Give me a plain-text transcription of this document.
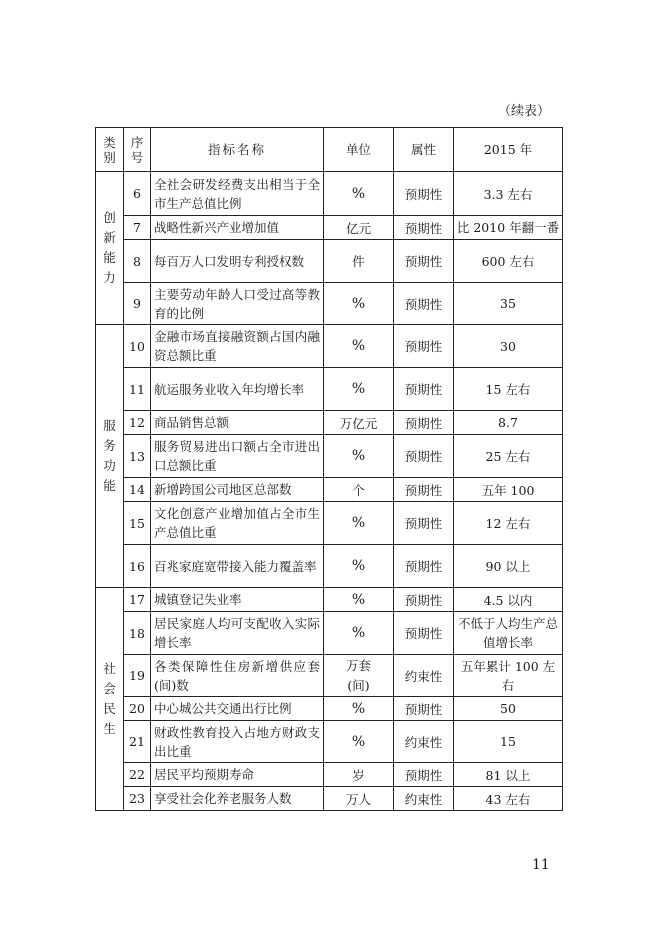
（续表）
类别	序号	指标名称	单位	属性	2015 年

创新能力	6	全社会研发经费支出相当于全市生产总值比例	%	预期性	3.3 左右
	7	战略性新兴产业增加值	亿元	预期性	比 2010 年翻一番
	8	每百万人口发明专利授权数	件	预期性	600 左右
	9	主要劳动年龄人口受过高等教育的比例	%	预期性	35

服务功能	10	金融市场直接融资额占国内融资总额比重	%	预期性	30
	11	航运服务业收入年均增长率	%	预期性	15 左右
	12	商品销售总额	万亿元	预期性	8.7
	13	服务贸易进出口额占全市进出口总额比重	%	预期性	25 左右
	14	新增跨国公司地区总部数	个	预期性	五年 100
	15	文化创意产业增加值占全市生产总值比重	%	预期性	12 左右
	16	百兆家庭宽带接入能力覆盖率	%	预期性	90 以上

社会民生	17	城镇登记失业率	%	预期性	4.5 以内
	18	居民家庭人均可支配收入实际增长率	%	预期性	不低于人均生产总值增长率
	19	各类保障性住房新增供应套(间)数	万套(间)	约束性	五年累计 100 左右
	20	中心城公共交通出行比例	%	预期性	50
	21	财政性教育投入占地方财政支出比重	%	约束性	15
	22	居民平均预期寿命	岁	预期性	81 以上
	23	享受社会化养老服务人数	万人	约束性	43 左右
11
